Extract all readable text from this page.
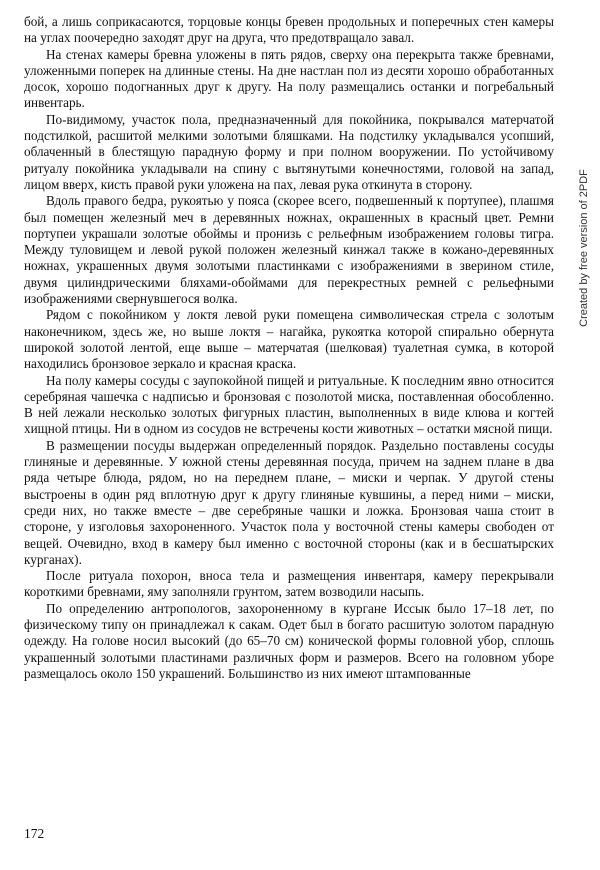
бой, а лишь соприкасаются, торцовые концы бревен продольных и поперечных стен камеры на углах поочередно заходят друг на друга, что предотвращало завал.

На стенах камеры бревна уложены в пять рядов, сверху она перекрыта также бревнами, уложенными поперек на длинные стены. На дне настлан пол из десяти хорошо обработанных досок, хорошо подогнанных друг к другу. На полу размещались останки и погребальный инвентарь.

По-видимому, участок пола, предназначенный для покойника, покрывался матерчатой подстилкой, расшитой мелкими золотыми бляшками. На подстилку укладывался усопший, облаченный в блестящую парадную форму и при полном вооружении. По устойчивому ритуалу покойника укладывали на спину с вытянутыми конечностями, головой на запад, лицом вверх, кисть правой руки уложена на пах, левая рука откинута в сторону.

Вдоль правого бедра, рукоятью у пояса (скорее всего, подвешенный к портупее), плашмя был помещен железный меч в деревянных ножнах, окрашенных в красный цвет. Ремни портупеи украшали золотые обоймы и пронизь с рельефным изображением головы тигра. Между туловищем и левой рукой положен железный кинжал также в кожано-деревянных ножнах, украшенных двумя золотыми пластинками с изображениями в зверином стиле, двумя цилиндрическими бляхами-обоймами для перекрестных ремней с рельефными изображениями свернувшегося волка.

Рядом с покойником у локтя левой руки помещена символическая стрела с золотым наконечником, здесь же, но выше локтя – нагайка, рукоятка которой спирально обернута широкой золотой лентой, еще выше – матерчатая (шелковая) туалетная сумка, в которой находились бронзовое зеркало и красная краска.

На полу камеры сосуды с заупокойной пищей и ритуальные. К последним явно относится серебряная чашечка с надписью и бронзовая с позолотой миска, поставленная обособленно. В ней лежали несколько золотых фигурных пластин, выполненных в виде клюва и когтей хищной птицы. Ни в одном из сосудов не встречены кости животных – остатки мясной пищи.

В размещении посуды выдержан определенный порядок. Раздельно поставлены сосуды глиняные и деревянные. У южной стены деревянная посуда, причем на заднем плане в два ряда четыре блюда, рядом, но на переднем плане, – миски и черпак. У другой стены выстроены в один ряд вплотную друг к другу глиняные кувшины, а перед ними – миски, среди них, но также вместе – две серебряные чашки и ложка. Бронзовая чаша стоит в стороне, у изголовья захороненного. Участок пола у восточной стены камеры свободен от вещей. Очевидно, вход в камеру был именно с восточной стороны (как и в бесшатырских курганах).

После ритуала похорон, вноса тела и размещения инвентаря, камеру перекрывали короткими бревнами, яму заполняли грунтом, затем возводили насыпь.

По определению антропологов, захороненному в кургане Иссык было 17–18 лет, по физическому типу он принадлежал к сакам. Одет был в богато расшитую золотом парадную одежду. На голове носил высокий (до 65–70 см) конической формы головной убор, сплошь украшенный золотыми пластинами различных форм и размеров. Всего на головном уборе размещалось около 150 украшений. Большинство из них имеют штампованные

172
Created by free version of 2PDF
